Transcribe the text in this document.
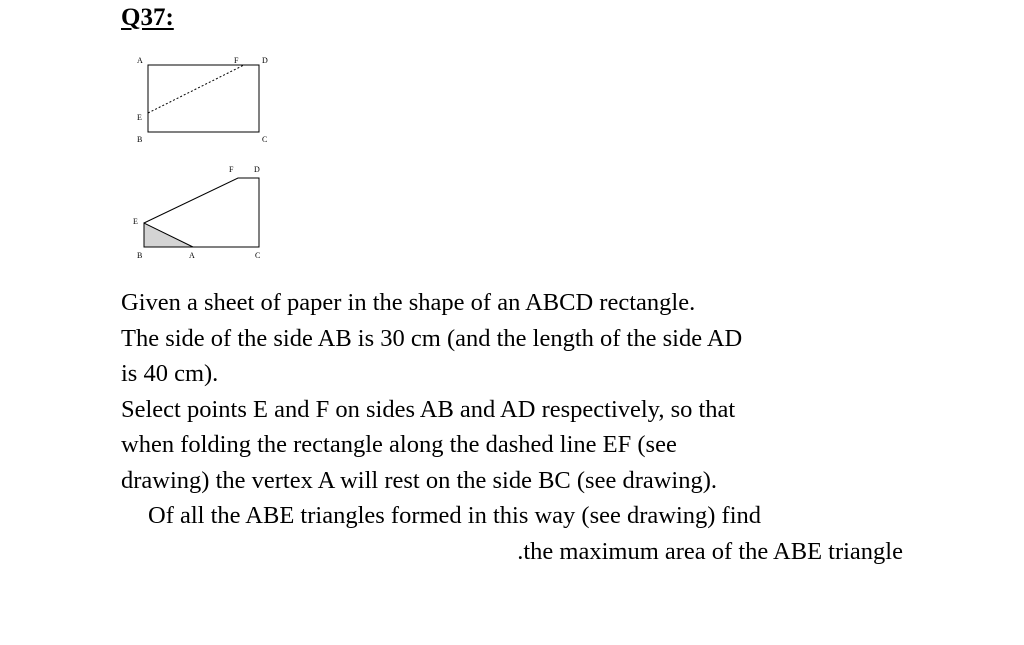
Q37:
A	F	D
E
B	C
F	D
E
B	A	C
Given a sheet of paper in the shape of an ABCD rectangle.
The side of the side AB is 30 cm (and the length of the side AD
is 40 cm).
Select points E and F on sides AB and AD respectively, so that
when folding the rectangle along the dashed line EF (see
drawing) the vertex A will rest on the side BC (see drawing).
Of all the ABE triangles formed in this way (see drawing) find
.the maximum area of the ABE triangle
